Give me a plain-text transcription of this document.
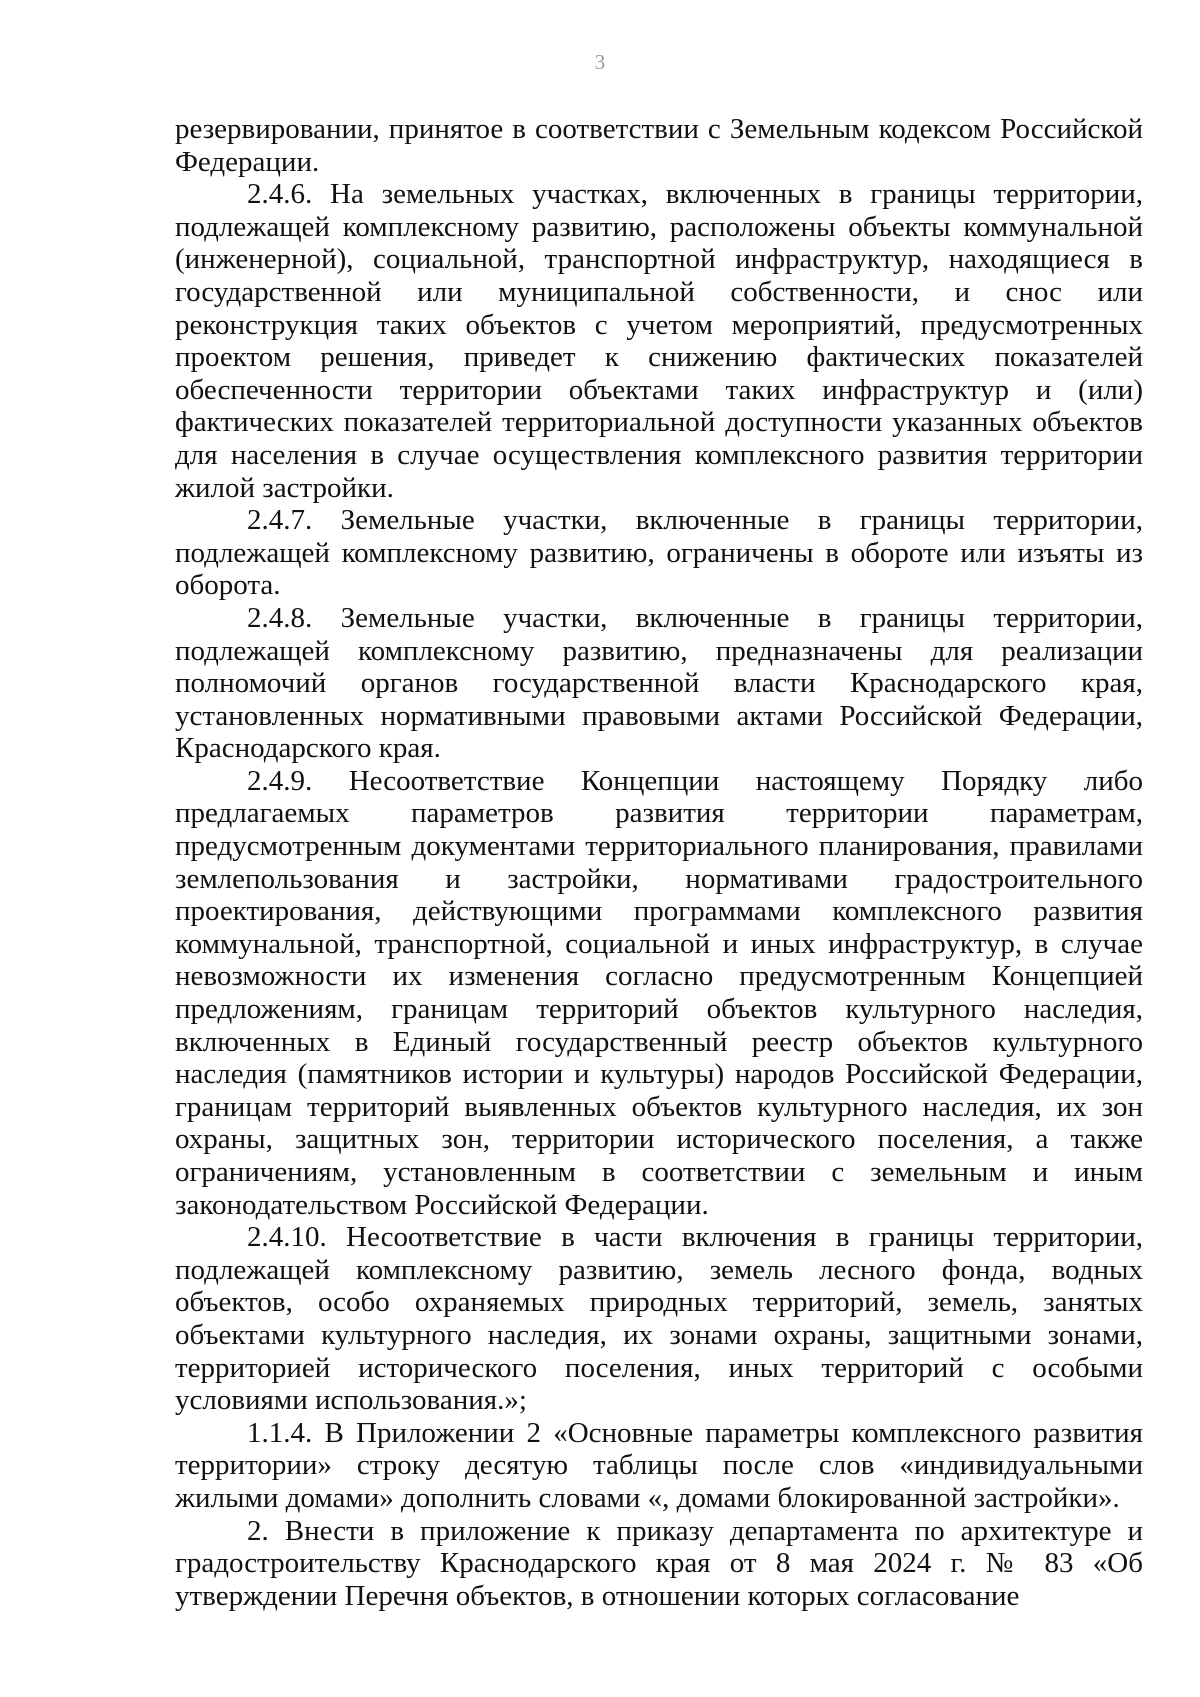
3

резервировании, принятое в соответствии с Земельным кодексом Российской Федерации.

2.4.6. На земельных участках, включенных в границы территории, подлежащей комплексному развитию, расположены объекты коммунальной (инженерной), социальной, транспортной инфраструктур, находящиеся в государственной или муниципальной собственности, и снос или реконструкция таких объектов с учетом мероприятий, предусмотренных проектом решения, приведет к снижению фактических показателей обеспеченности территории объектами таких инфраструктур и (или) фактических показателей территориальной доступности указанных объектов для населения в случае осуществления комплексного развития территории жилой застройки.

2.4.7. Земельные участки, включенные в границы территории, подлежащей комплексному развитию, ограничены в обороте или изъяты из оборота.

2.4.8. Земельные участки, включенные в границы территории, подлежащей комплексному развитию, предназначены для реализации полномочий органов государственной власти Краснодарского края, установленных нормативными правовыми актами Российской Федерации, Краснодарского края.

2.4.9. Несоответствие Концепции настоящему Порядку либо предлагаемых параметров развития территории параметрам, предусмотренным документами территориального планирования, правилами землепользования и застройки, нормативами градостроительного проектирования, действующими программами комплексного развития коммунальной, транспортной, социальной и иных инфраструктур, в случае невозможности их изменения согласно предусмотренным Концепцией предложениям, границам территорий объектов культурного наследия, включенных в Единый государственный реестр объектов культурного наследия (памятников истории и культуры) народов Российской Федерации, границам территорий выявленных объектов культурного наследия, их зон охраны, защитных зон, территории исторического поселения, а также ограничениям, установленным в соответствии с земельным и иным законодательством Российской Федерации.

2.4.10. Несоответствие в части включения в границы территории, подлежащей комплексному развитию, земель лесного фонда, водных объектов, особо охраняемых природных территорий, земель, занятых объектами культурного наследия, их зонами охраны, защитными зонами, территорией исторического поселения, иных территорий с особыми условиями использования.»;

1.1.4. В Приложении 2 «Основные параметры комплексного развития территории» строку десятую таблицы после слов «индивидуальными жилыми домами» дополнить словами «, домами блокированной застройки».

2. Внести в приложение к приказу департамента по архитектуре и градостроительству Краснодарского края от 8 мая 2024 г. № 83 «Об утверждении Перечня объектов, в отношении которых согласование
